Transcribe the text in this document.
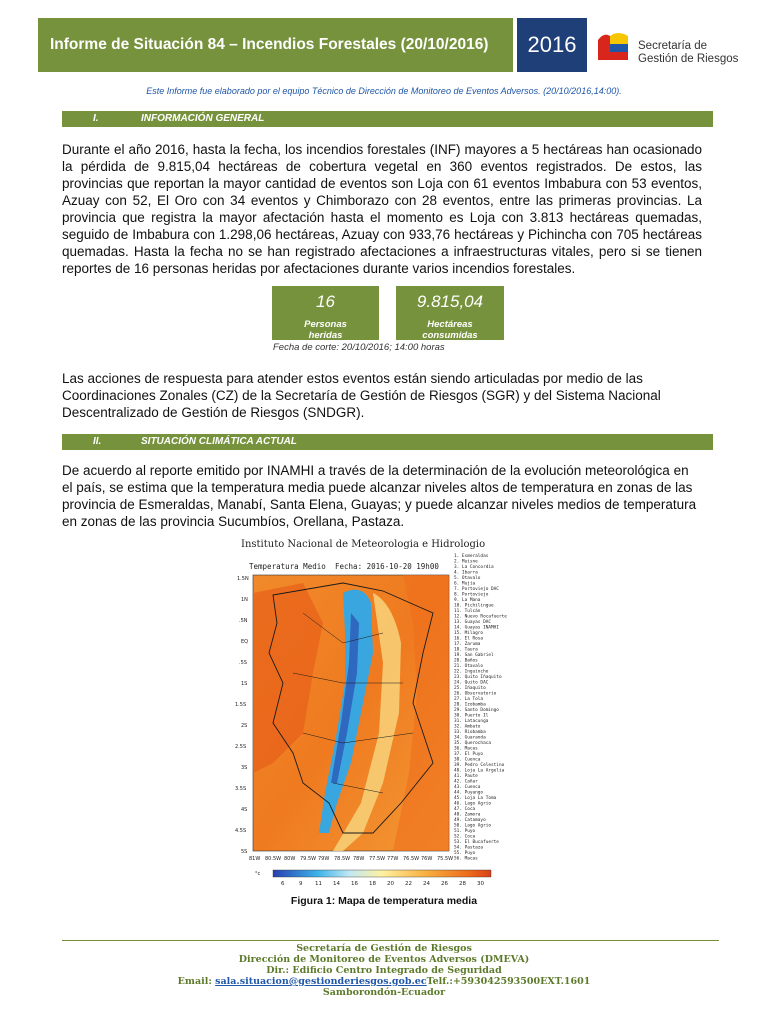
Informe de Situación 84 – Incendios Forestales (20/10/2016)	2016	Secretaría de
Gestión de Riesgos
Este Informe fue elaborado por el equipo Técnico de Dirección de Monitoreo de Eventos Adversos. (20/10/2016,14:00).
I.	INFORMACIÓN GENERAL
Durante el año 2016, hasta la fecha, los incendios forestales (INF) mayores a 5 hectáreas han ocasionado la pérdida de 9.815,04 hectáreas de cobertura vegetal en 360 eventos registrados. De estos, las provincias que reportan la mayor cantidad de eventos son Loja con 61 eventos Imbabura con 53 eventos, Azuay con 52, El Oro con 34 eventos y Chimborazo con 28 eventos, entre las primeras provincias. La provincia que registra la mayor afectación hasta el momento es Loja con 3.813 hectáreas quemadas, seguido de Imbabura con 1.298,06 hectáreas, Azuay con 933,76 hectáreas y Pichincha con 705 hectáreas quemadas. Hasta la fecha no se han registrado afectaciones a infraestructuras vitales, pero si se tienen reportes de 16 personas heridas por afectaciones durante varios incendios forestales.
16
Personas
heridas
9.815,04
Hectáreas
consumidas
Fecha de corte: 20/10/2016; 14:00 horas
Las acciones de respuesta para atender estos eventos están siendo articuladas por medio de las Coordinaciones Zonales (CZ) de la Secretaría de Gestión de Riesgos (SGR) y del Sistema Nacional Descentralizado de Gestión de Riesgos (SNDGR).
II.	SITUACIÓN CLIMÁTICA ACTUAL
De acuerdo al reporte emitido por INAMHI a través de la determinación de la evolución meteorológica en el país, se estima que la temperatura media puede alcanzar niveles altos de temperatura en zonas de las provincia de Esmeraldas, Manabí, Santa Elena, Guayas; y puede alcanzar niveles medios de temperatura en zonas de las provincia Sucumbíos, Orellana, Pastaza.
Instituto Nacional de Meteorologia e Hidrologio
Temperatura Medio Fecha: 2016-10-20 19h00
1.5N
1N
.5N
EQ
.5S
1S
1.5S
2S
2.5S
3S
3.5S
4S
4.5S
5S
81W 80.5W 80W 79.5W 79W 78.5W 78W 77.5W 77W 76.5W 76W 75.5W
°c
6	9 11 14 16 18 20 22 24 26 28 30
1. Esmeraldas
2. Muisne
3. La Concordia
4. Ibarra
5. Otavalo
6. Mujía
7. Portoviejo DAC
8. Portoviejo
9. La Mana
10. Pichilingue
11. Tulcán
12. Nuevo Rocafuerte
13. Guayas DAC
14. Guayas INAMHI
15. Milagro
16. El Rosa
17. Zaruma
18. Taura
19. San Gabriel
20. Baños
21. Otavalo
22. Inguincho
23. Quito Iñaquito
24. Quito DAC
25. Iñaquito
26. Observatorio
27. La Tola
28. Izobamba
29. Santo Domingo
30. Puerto Il
31. Latacunga
32. Ambato
33. Riobamba
34. Guaranda
35. Querochaca
36. Macas
37. El Puyo
38. Cuenca
39. Pedro Celestino
40. Loja La Argelia
41. Paute
42. Cañar
43. Cuenca
44. Puyango
45. Loja La Toma
46. Lago Agrio
47. Coca
48. Zamora
49. Catamayo
50. Lago Agrio
51. Puyo
52. Coca
53. El Bucafuerte
54. Pastaza
55. Puyo
56. Macas
Figura 1: Mapa de temperatura media
Secretaría de Gestión de Riesgos
Dirección de Monitoreo de Eventos Adversos (DMEVA)
Dir.: Edificio Centro Integrado de Seguridad
Email: sala.situacion@gestionderiesgos.gob.ecTelf.:+593042593500EXT.1601
Samborondón-Ecuador
